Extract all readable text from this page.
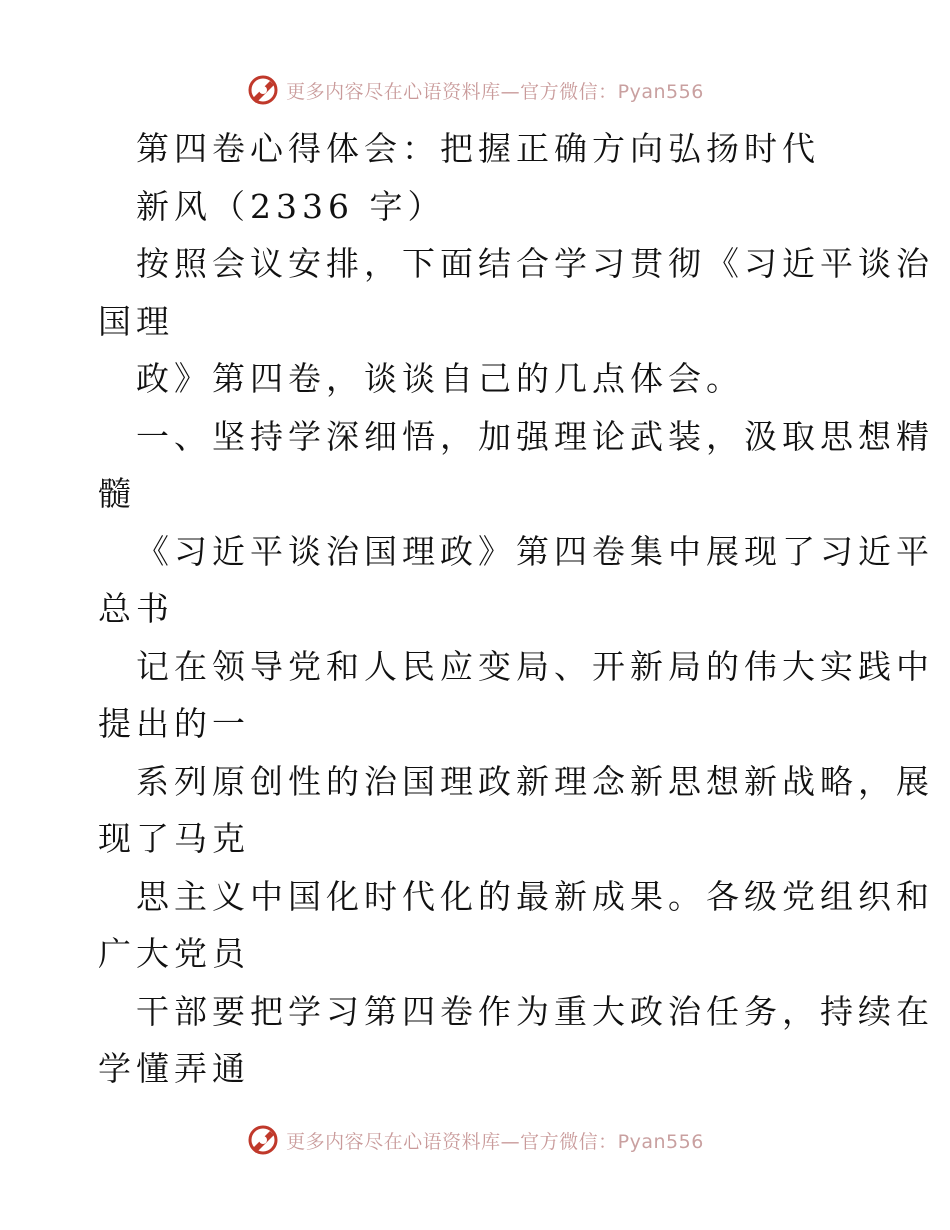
更多内容尽在心语资料库—官方微信：Pyan556
第四卷心得体会：把握正确方向弘扬时代
新风（2336 字）
按照会议安排，下面结合学习贯彻《习近平谈治
国理
政》第四卷，谈谈自己的几点体会。
一、坚持学深细悟，加强理论武装，汲取思想精
髓
《习近平谈治国理政》第四卷集中展现了习近平
总书
记在领导党和人民应变局、开新局的伟大实践中
提出的一
系列原创性的治国理政新理念新思想新战略，展
现了马克
思主义中国化时代化的最新成果。各级党组织和
广大党员
干部要把学习第四卷作为重大政治任务，持续在
学懂弄通
更多内容尽在心语资料库—官方微信：Pyan556
